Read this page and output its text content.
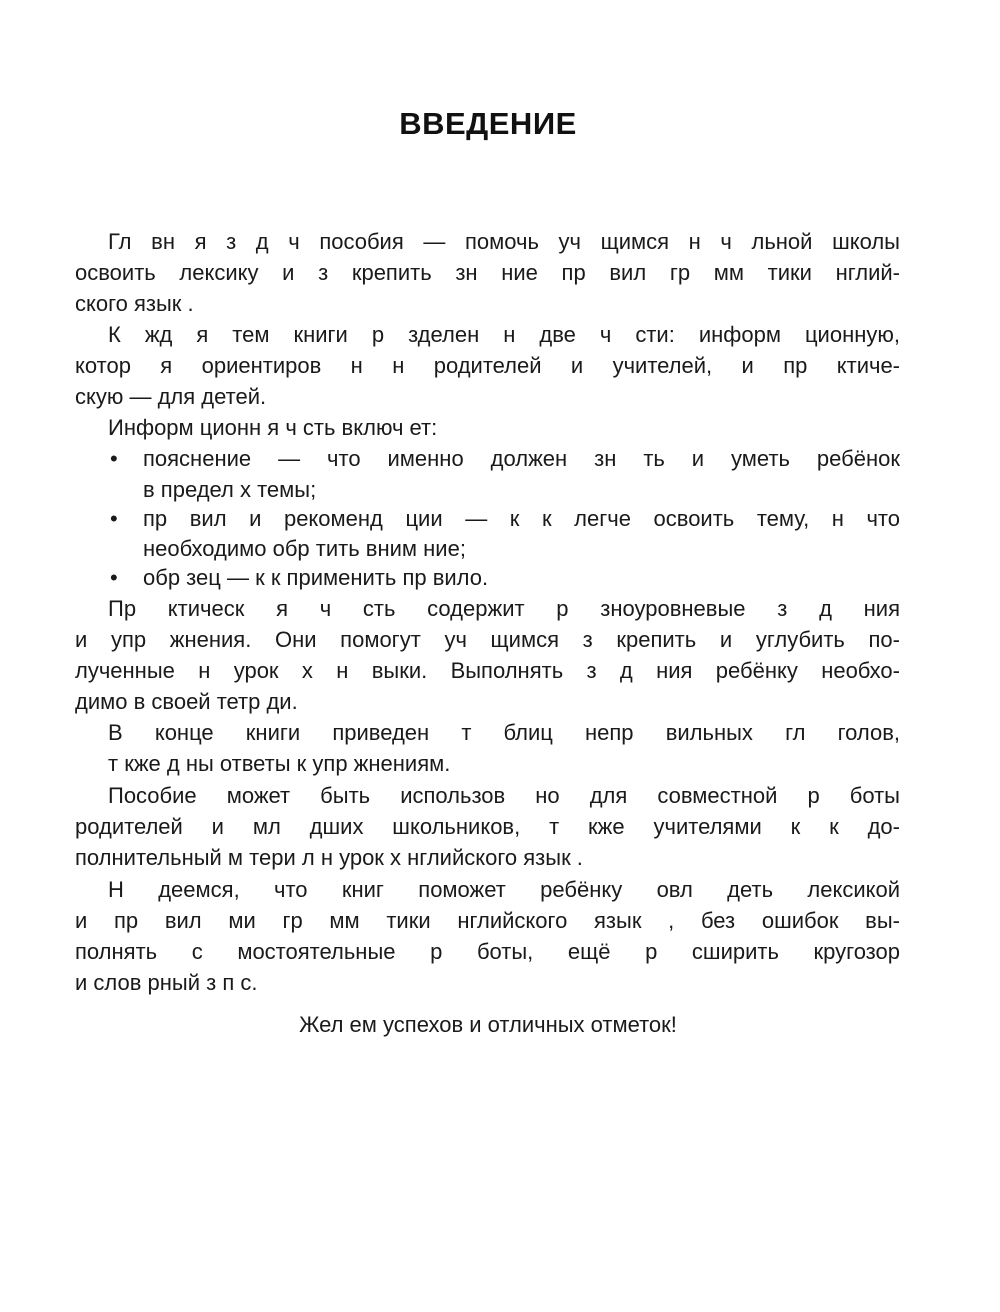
ВВЕДЕНИЕ

Гл вн я з д ч пособия — помочь уч щимся н ч льной школы

освоить лексику и з крепить зн ние пр вил гр мм тики нглий-

ского язык .

К жд я тем книги р зделен н две ч сти: информ ционную,

котор я ориентиров н н родителей и учителей, и пр ктиче-

скую — для детей.

Информ ционн я ч сть включ ет:

• пояснение — что именно должен зн ть и уметь ребёнок

в предел х темы;

• пр вил и рекоменд ции — к к легче освоить тему, н что

необходимо обр тить вним ние;

• обр зец — к к применить пр вило.

Пр ктическ я ч сть содержит р зноуровневые з д ния

и упр жнения. Они помогут уч щимся з крепить и углубить по-

лученные н урок х н выки. Выполнять з д ния ребёнку необхо-

димо в своей тетр ди.

В конце книги приведен т блиц непр вильных гл голов,

т кже д ны ответы к упр жнениям.

Пособие может быть использов но для совместной р боты

родителей и мл дших школьников, т кже учителями к к до-

полнительный м тери л н урок х нглийского язык .

Н деемся, что книг поможет ребёнку овл деть лексикой

и пр вил ми гр мм тики нглийского язык , без ошибок вы-

полнять с мостоятельные р боты, ещё р сширить кругозор

и слов рный з п с.

Жел ем успехов и отличных отметок!
